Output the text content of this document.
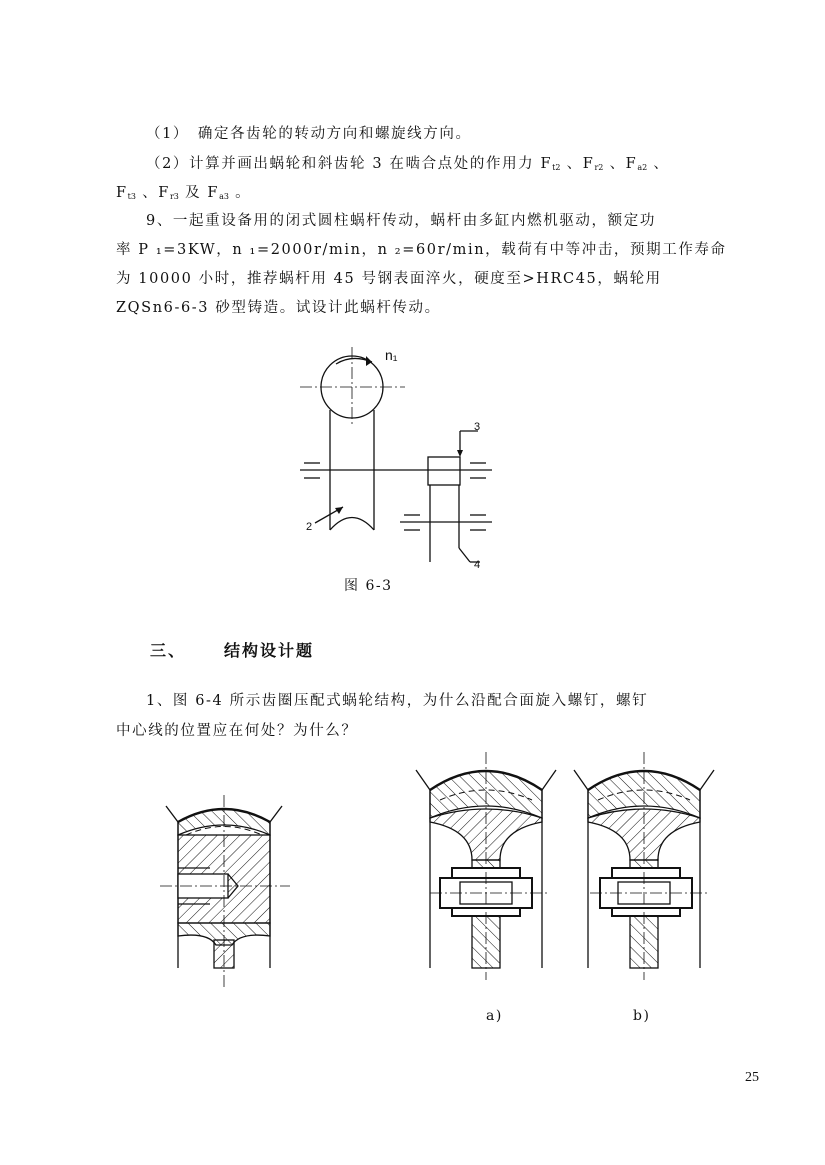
（1）　确定各齿轮的转动方向和螺旋线方向。
（2）计算并画出蜗轮和斜齿轮 3 在啮合点处的作用力 $F_{t2}$ 、$F_{r2}$ 、$F_{a2}$ 、
$F_{t3}$ 、$F_{r3}$ 及 $F_{a3}$ 。
9、一起重设备用的闭式圆柱蜗杆传动，蜗杆由多缸内燃机驱动，额定功
率 P ₁=3KW，n ₁=2000r/min，n ₂=60r/min，载荷有中等冲击，预期工作寿命
为 10000 小时，推荐蜗杆用 45 号钢表面淬火，硬度至>HRC45，蜗轮用
ZQSn6-6-3 砂型铸造。试设计此蜗杆传动。
n₁
3
2
4
图 6-3
三、 结构设计题
1、图 6-4 所示齿圈压配式蜗轮结构，为什么沿配合面旋入螺钉，螺钉
中心线的位置应在何处？为什么？
a)	b)
25
